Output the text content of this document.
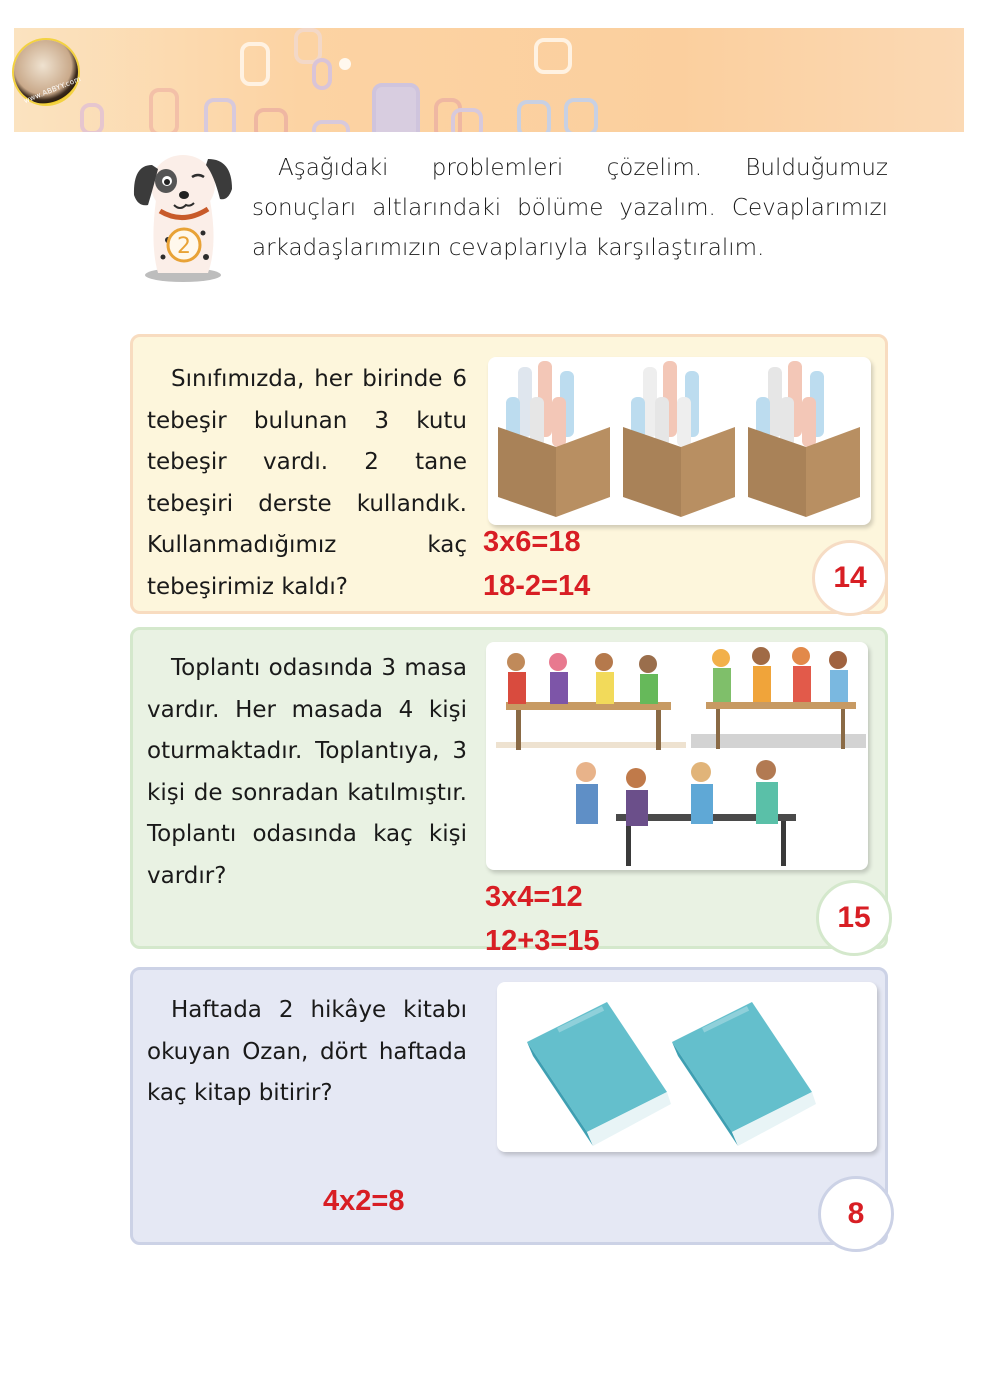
www.ABBYY.com
2
Aşağıdaki problemleri çözelim. Bulduğumuz sonuçları altlarındaki bölüme yazalım. Cevaplarımızı arkadaşlarımızın cevaplarıyla karşılaştıralım.
Sınıfımızda, her birinde 6 tebeşir bulunan 3 kutu tebeşir vardı. 2 tane tebeşiri derste kullandık. Kullanmadığımız kaç tebeşirimiz kaldı?
3x6=18
18-2=14	14
Toplantı odasında 3 masa vardır. Her masada 4 kişi oturmaktadır. Toplantıya, 3 kişi de sonradan katılmıştır. Toplantı odasında kaç kişi vardır?
3x4=12
12+3=15
15
Haftada 2 hikâye kitabı okuyan Ozan, dört haftada kaç kitap bitirir?
4x2=8	8
